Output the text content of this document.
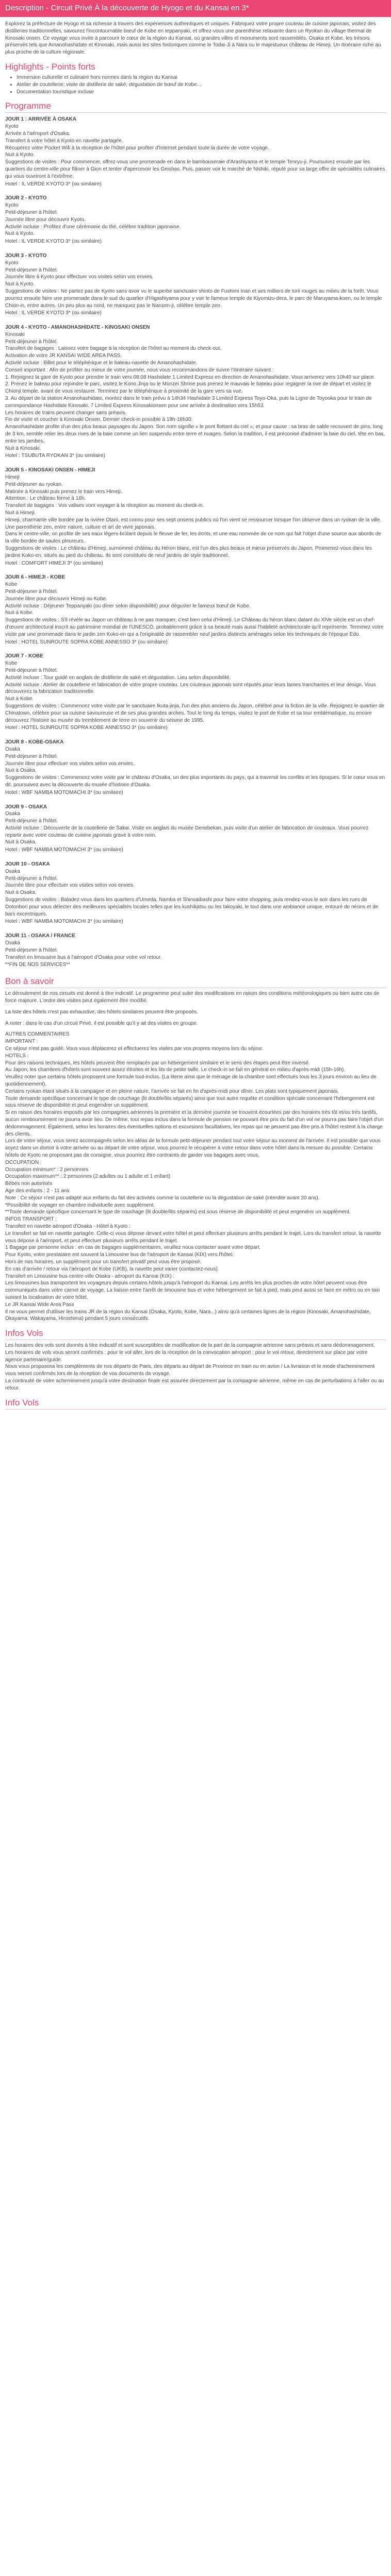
Description - Circuit Privé À la découverte de Hyogo et du Kansai en 3*

Explorez la préfecture de Hyogo et sa richesse à travers des expériences authentiques et uniques. Fabriquez votre propre couteau de cuisine japonais, visitez des distilleries traditionnelles, savourez l'incontournable bœuf de Kobe en teppanyaki, et offrez-vous une parenthèse relaxante dans un Ryokan du village thermal de Kinosaki onsen. Ce voyage vous invite à parcourir le cœur de la région du Kansai, où grandes villes et monuments sont rassemblés. Osaka et Kobe, les trésors préservés tels que Amanohashidate et Kinosaki, mais aussi les sites historiques comme le Todai-Ji à Nara ou le majestueux château de Himeji. Un itinéraire riche au plus proche de la culture régionale.

Highlights - Points forts
• Immersion culturelle et culinaire hors normes dans la région du Kansai
• Atelier de coutellerie; visite de distillerie de saké; dégustation de bœuf de Kobe...
• Documentation touristique incluse
Programme

JOUR 1 : ARRIVÉE À OSAKA

Kyoto

Arrivée à l'aéroport d'Osaka.

Transfert à votre hôtel à Kyoto en navette partagée.

Récupérez votre Pocket Wifi à la réception de l'hôtel pour profiter d'Internet pendant toute la durée de votre voyage.

Nuit à Kyoto.

Suggestions de visites : Pour commencer, offrez-vous une promenade en dans le bambouseraie d'Arashiyama et le temple Tenryu-ji. Poursuivez ensuite par les quartiers du centre-ville pour flâner à Gion et tenter d'apercevoir les Geishas. Puis, passer voir le marché de Nishiki, réputé pour sa large offre de spécialités culinaires qui vous ouvriront à l'extrême.

Hotel : IL VERDE KYOTO 3* (ou similaire)

JOUR 2 - KYOTO

Kyoto

Petit-déjeuner à l'hôtel.

Journée libre pour découvrir Kyoto.

Activité incluse : Profitez d'une cérémonie du thé, célébre tradition japonaise.

Nuit à Kyoto.

Hotel : IL VERDE KYOTO 3* (ou similaire)

JOUR 3 - KYOTO

Kyoto

Petit-déjeuner à l'hôtel.

Journée libre à Kyoto pour effectuer vos visites selon vos envies.

Nuit à Kyoto.

Suggestions de visites : Ne partez pas de Kyoto sans avoir vu le superbe sanctuaire shinto de Fushimi Inari et ses milliers de torii rouges au milieu de la forêt. Vous pourrez ensuite faire une promenade dans le sud du quartier d'Higashiyama pour y voir le fameux temple de Kiyomizu-dera, le parc de Maruyama-koen, ou le temple Chion-in, entre autres. Un peu plus au nord, ne manquez pas le Nanzen-ji, célèbre temple zen.

Hotel : IL VERDE KYOTO 3* (ou similaire)

JOUR 4 - KYOTO - AMANOHASHIDATE - KINOSAKI ONSEN

Kinosaki

Petit-déjeuner à l'hôtel.

Transfert de bagages : Laissez votre bagage à la réception de l'hôtel au moment du check-out.

Activation de votre JR KANSAI WIDE AREA PASS.

Activité incluse : Billet pour le téléphérique et le bateau-navette de Amanohashidate.

Conseil important : Afin de profiter au mieux de votre journée, nous vous recommandons de suivre l'itinéraire suivant :

1. Rejoignez la gare de Kyoto pour prendre le train vers 08:08 Hashidate 1 Limited Express en direction de Amanohashidate. Vous arriverez vers 10h40 sur place.

2. Prenez le bateau pour rejoindre le parc, visitez le Kono Jinja ou le Monzei Shrine puis prenez le mauvais le bateau pour regagner la rive de départ et visitez le Chionji temple, avant de vous restaurer. Terminez par le téléphérique à proximité de la gare vers sa vue.

3. Au départ de la station Amanohashidate, montez dans le train prévu à 14h34 Hashidate 3 Limited Express Toyo-Oka, puis la Ligne de Toyooka pour le train de correspondance Hashidate Kinosaki. 7 Limited Express Kinosakionsen pour une arrivée à destination vers 15h53.

Les horaires de trains peuvent changer sans préavis.

Fin de visite et coucher à Kinosaki Onsen. Dernier check-in possible à 18h-18h30.

Amanohashidate profite d'un des plus beaux paysages du Japon. Son nom signifie « le pont flottant du ciel », et pour cause : sa bras de sable recouvert de pins, long de 3 km, semble relier les deux rives de la baie comme un lien suspendu entre terre et nuages. Selon la tradition, il est préconisé d'admirer la baie du ciel, tête en bas, entre les jambes.

Nuit à Kinosaki.

Hotel : TSUBUTA RYOKAN 3* (ou similaire)

JOUR 5 - KINOSAKI ONSEN - HIMEJI

Himeji

Petit-déjeuner au ryokan.

Matinée à Kinosaki puis prenez le train vers Himeji.

Attention : Le château ferme à 16h.

Transfert de bagages : Vos valises vont voyager à la réception au moment du check-in.

Nuit à Himeji.

Himeji, charmante ville bordée par la rivière Otani, est connu pour ses sept onsens publics où l'on vient se ressourcer lorsque l'on observe dans un ryokan de la ville. Une parenthèse zen, entre nature, culture et art de vivre japonais.

Dans le centre-ville, on profite de ses eaux légers-brûlant depuis le fleuve de fer, les écrits, et une eau nommée de ce nom qui fait l'objet d'une source aux abords de la ville bordée de saules pleureurs.

Suggestions de visites : Le château d'Himeji, surnommé château du Héron blanc, est l'un des plus beaux et mieux préservés du Japon. Promenez-vous dans les jardins Koko-en, situés au pied du château. Ils sont constitués de neuf jardins de style traditionnel.

Hotel : COMFORT HIMEJI 3* (ou similaire)

JOUR 6 - HIMEJI - KOBE

Kobe

Petit-déjeuner à l'hôtel.

Journée libre pour découvrir Himeji ou Kobe.

Activité incluse : Déjeuner Teppanyaki (ou dîner selon disponibilité) pour déguster le fameux bœuf de Kobe.

Nuit à Kobe.

Suggestions de visites : S'il révèle au Japon un château à ne pas manquer, c'est bien celui d'Himeji. Le Château du héron blanc datant du XIVe siècle est un chef-d'œuvre architectural inscrit au patrimoine mondial de l'UNESCO, probablement grâce à sa beauté mais aussi l'habileté architecturale qu'il représente. Terminez votre visite par une promenade dans le jardin zen Koko-en qui a l'originalité de rassembler neuf jardins distincts aménagés selon les techniques de l'époque Edo.

Hotel : HOTEL SUNROUTE SOPRA KOBE ANNESSO 3* (ou similaire)

JOUR 7 - KOBE

Kobe

Petit-déjeuner à l'hôtel.

Activité incluse : Tour guidé en anglais de distillerie de saké et dégustation. Lieu selon disponibilité.

Activité incluse : Atelier de coutellerie et fabrication de votre propre couteau. Les couteaux japonais sont réputés pour leurs lames tranchantes et leur design. Vous découvrirez la fabrication traditionnelle.

Nuit à Kobe.

Suggestions de visites : Commencez votre visite par le sanctuaire Ikuta-jinja, l'un des plus anciens du Japon, célébré pour la fiction de la ville. Rejoignez le quartier de Chinatown, célèbre pour sa cuisine savoureuse et de ses plus grandes arches. Tout le long du temps, visitez le port de Kobe et sa tour emblématique, ou encore découvrez l'histoire au musée du tremblement de terre en souvenir du séisme de 1995.

Hotel : HOTEL SUNROUTE SOPRA KOBE ANNESSO 3* (ou similaire)

JOUR 8 - KOBE-OSAKA

Osaka

Petit-déjeuner à l'hôtel.

Journée libre pour effectuer vos visites selon vos envies.

Nuit à Osaka.

Suggestions de visites : Commencez votre visite par le château d'Osaka, un des plus importants du pays, qui a traversé les conflits et les époques. Si le cœur vous en dit, poursuivez avec la découverte du musée d'histoire d'Osaka.

Hotel : WBF NAMBA MOTOMACHI 3* (ou similaire)

JOUR 9 - OSAKA

Osaka

Petit-déjeuner à l'hôtel.

Activité incluse : Découverte de la coutellerie de Sakai. Visite en anglais du musée Denebekan, puis visite d'un atelier de fabrication de couteaux. Vous pourrez repartir avec votre couteau de cuisine japonais gravé à votre nom.

Nuit à Osaka.

Hotel : WBF NAMBA MOTOMACHI 3* (ou similaire)

JOUR 10 - OSAKA

Osaka

Petit-déjeuner à l'hôtel.

Journée libre pour effectuer vos visites selon vos envies.

Nuit à Osaka.

Suggestions de visites : Baladez-vous dans les quartiers d'Umeda, Namba et Shinsaibashi pour faire votre shopping, puis rendez-vous le soir dans les rues de Dotonbori pour vous délecter des meilleures spécialités locales telles que les kushikatsu ou les takoyaki, le tout dans une ambiance unique, entouré de néons et de bars excentriques.

Hotel : WBF NAMBA MOTOMACHI 3* (ou similaire)

JOUR 11 - OSAKA / FRANCE

Osaka

Petit-déjeuner à l'hôtel.

Transfert en limousine bus à l'aéroport d'Osaka pour votre vol retour.

**FIN DE NOS SERVICES**

Bon à savoir

Le déroulement de nos circuits est donné à titre indicatif. Le programme peut subir des modifications en raison des conditions météorologiques ou bien autre cas de force majeure. L'ordre des visites peut également être modifié.

La liste des hôtels n'est pas exhaustive, des hôtels similaires peuvent être proposés.

A noter : dans le cas d'un circuit Privé, il est possible qu'il y ait des visites en groupe.

AUTRES COMMENTAIRES

IMPORTANT :

Ce séjour n'est pas guidé. Vous vous déplacerez et effectuerez les visites par vos propres moyens lors du séjour.

HOTELS :

Pour des raisons techniques, les hôtels peuvent être remplacés par un hébergement similaire et le sens des étapes peut être inversé.

Au Japon, les chambres d'hôtels sont souvent assez étroites et les lits de petite taille. Le check-in se fait en général en milieu d'après-midi (15h-16h).

Veuillez noter que certains hôtels proposent une formule tout-inclus. (La literie ainsi que le ménage de la chambre sont effectués tous les 3 jours environ au lieu de quotidiennement).

Certains ryokan étant situés à la campagne et en pleine nature, l'arrivée se fait en fin d'après-midi pour dîner. Les plats sont typiquement japonais.

Toute demande spécifique concernant le type de couchage (lit double/lits séparés) ainsi que tout autre requête et condition spéciale concernant l'hébergement est sous réserve de disponibilité et peut engendrer un supplément.

Si en raison des horaires imposés par les compagnies aériennes la première et la dernière journée se trouvent écourtées par des horaires très tôt et/ou très tardifs, aucun remboursement ne pourra avoir lieu. De même, tout repas inclus dans la formule de pension ne pouvant être pris du fait d'un vol ne pourra pas faire l'objet d'un dédommagement. Également, selon les horaires des éventuelles options et excursions facultatives, les repas qui ne peuvent pas être pris à l'hôtel restent à la charge des clients.

Lors de votre séjour, vous serez accompagnés selon les aléas de la formule petit-déjeuner pendant tout votre séjour au moment de l'arrivée. Il est possible que vous soyez dans un dortoir à votre arrivée ou au départ de votre séjour, vous pourrez le récupérer à votre retour dans votre hôtel dans la mesure du possible. Certains hôtels de Kyoto ne proposant pas de consigne, vous pourriez être contraints de garder vos bagages avec vous.

OCCUPATION :

Occupation minimum* : 2 personnes

Occupation maximum** : 2 personnes (2 adultes ou 1 adulte et 1 enfant)

Bébés non autorisés

Age des enfants : 2 - 11 ans

Note : Ce séjour n'est pas adapté aux enfants du fait des activités comme la coutellerie ou la dégustation de saké (interdite avant 20 ans).

*Possibilité de voyager en chambre individuelle avec supplément.

**Toute demande spécifique concernant le type de couchage (lit double/lits séparés) est sous réserve de disponibilité et peut engendrer un supplément.

INFOS TRANSPORT :

Transfert en navette aéroport d'Osaka - Hôtel à Kyoto :

Le transfert se fait en navette partagée. Celle-ci vous dépose devant votre hôtel et peut effectuer plusieurs arrêts pendant le trajet. Lors du transfert retour, la navette vous dépose à l'aéroport, et peut effectuer plusieurs arrêts pendant le trajet.

1 Bagage par personne inclus : en cas de bagages supplémentaires, veuillez nous contacter avant votre départ.

Pour Kyoto, votre prestataire est souvent la Limousine bus de l'aéroport de Kansai (KIX) vers l'hôtel.

Hors de nos horaires, un supplément pour un transfert privatif peut vous être proposé.

En cas d'arrivée / retour via l'aéroport de Kobe (UKB), la navette peut varier (contactez-nous).

Transfert en Limousine bus centre-ville Osaka - aéroport du Kansai (KIX) :

Les limousines bus transportent les voyageurs depuis certains hôtels jusqu'à l'aéroport du Kansai. Les arrêts les plus proches de votre hôtel peuvent vous être communiqués dans votre carnet de voyage. La liaison entre l'arrêt de limousine bus et votre hébergement se fait à pied, mais peut aussi se faire en métro ou en taxi suivant la localisation de votre hôtel.

Le JR Kansai Wide Area Pass

Il ne vous permet d'utiliser les trains JR de la région du Kansai (Osaka, Kyoto, Kobe, Nara...) ainsi qu'à certaines lignes de la région (Kinosaki, Amanohashidate, Okayama, Wakayama, Hiroshima) pendant 5 jours consécutifs.

Infos Vols

Les horaires des vols sont donnés à titre indicatif et sont susceptibles de modification de la part de la compagnie aérienne sans préavis et sans dédommagement.

Les horaires de vols vous seront confirmés : pour le vol aller, lors de la réception de la convocation aéroport ; pour le vol retour, directement sur place par votre agence partenaire/guide.

Nous vous proposons les compléments de nos départs de Paris, des départs au départ de Province en train ou en avion / La livraison et le mode d'acheminement vous seront confirmés lors de la réception de vos documents de voyage.

La continuité de votre acheminement jusqu'à votre destination finale est assurée directement par la compagnie aérienne, même en cas de perturbations à l'aller ou au retour.

Info Vols
